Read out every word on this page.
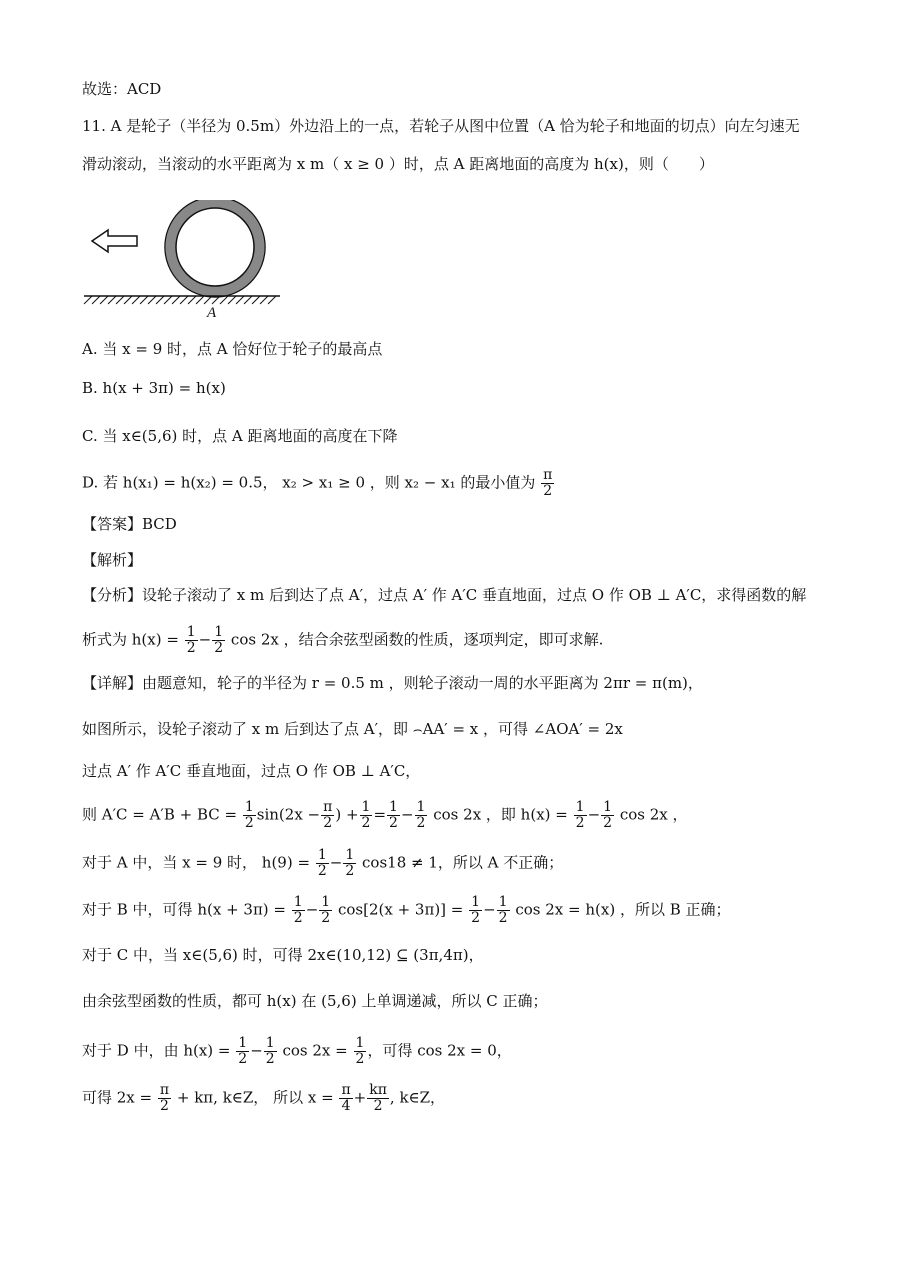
故选：ACD
11. A 是轮子（半径为 0.5m）外边沿上的一点，若轮子从图中位置（A 恰为轮子和地面的切点）向左匀速无
滑动滚动，当滚动的水平距离为 x m（ x ≥ 0 ）时，点 A 距离地面的高度为 h(x)，则（　　）
A
A. 当 x = 9 时，点 A 恰好位于轮子的最高点
B. h(x + 3π) = h(x)
C. 当 x∈(5,6) 时，点 A 距离地面的高度在下降
D. 若 h(x₁) = h(x₂) = 0.5， x₂ > x₁ ≥ 0 ，则 x₂ − x₁ 的最小值为 $\frac{\pi}{2}$
【答案】BCD
【解析】
【分析】设轮子滚动了 x m 后到达了点 A′，过点 A′ 作 A′C 垂直地面，过点 O 作 OB ⊥ A′C，求得函数的解
析式为 $h(x) = \frac{1}{2} - \frac{1}{2}$ cos 2x ，结合余弦型函数的性质，逐项判定，即可求解.
【详解】由题意知，轮子的半径为 r = 0.5 m ，则轮子滚动一周的水平距离为 2πr = π(m)，
如图所示，设轮子滚动了 x m 后到达了点 A′，即 ⌢AA′ = x ，可得 ∠AOA′ = 2x
过点 A′ 作 A′C 垂直地面，过点 O 作 OB ⊥ A′C，
则 A′C = A′B + BC = $\frac{1}{2} \sin(2x - \frac{\pi}{2}$ ) + $\frac{1}{2} = \frac{1}{2} - \frac{1}{2}$ cos 2x ，即 $h(x) = \frac{1}{2} - \frac{1}{2}$ cos 2x ，
对于 A 中，当 x = 9 时， $h(9) = \frac{1}{2} - \frac{1}{2} \cos 18 \ne 1$，所以 A 不正确；
对于 B 中，可得 $h(x + 3\pi) = \frac{1}{2} - \frac{1}{2} \cos[2(x + 3\pi)] = \frac{1}{2} - \frac{1}{2}$ cos 2x = h(x) ，所以 B 正确；
对于 C 中，当 x∈(5,6) 时，可得 2x∈(10,12) ⊆ (3π,4π)，
由余弦型函数的性质，都可 h(x) 在 (5,6) 上单调递减，所以 C 正确；
对于 D 中，由 $h(x) = \frac{1}{2} - \frac{1}{2}$ $\cos 2x = \frac{1}{2}$ ，可得 cos 2x = 0，
可得 $2x = \frac{\pi}{2} + k\pi$, k∈Z， 所以 $x = \frac{\pi}{4} + \frac{k\pi}{2}$ , k∈Z，
